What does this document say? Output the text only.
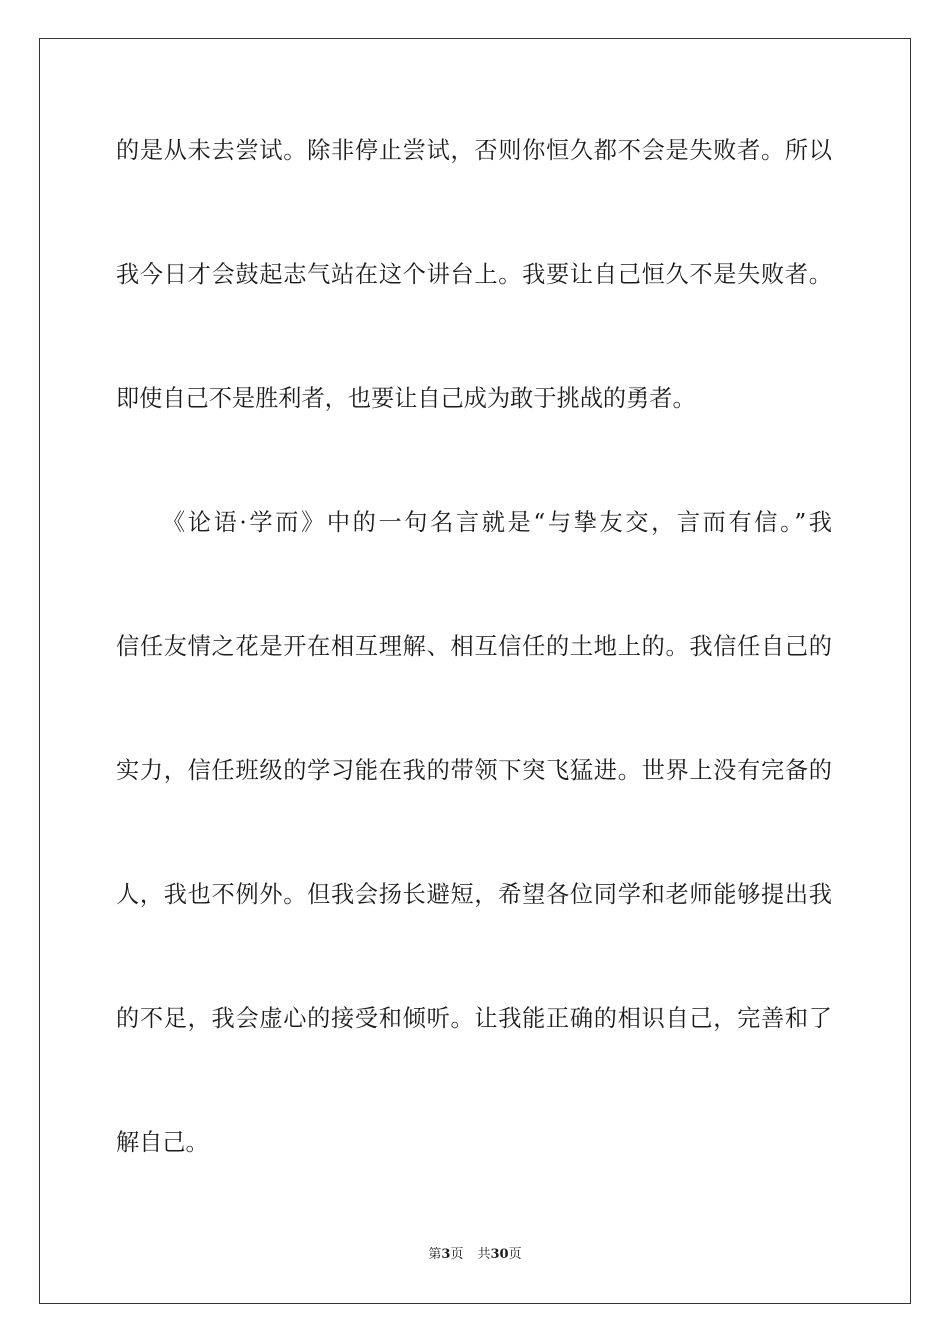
的是从未去尝试。除非停止尝试，否则你恒久都不会是失败者。所以
我今日才会鼓起志气站在这个讲台上。我要让自己恒久不是失败者。
即使自己不是胜利者，也要让自己成为敢于挑战的勇者。
《论语·学而》中的一句名言就是“与挚友交，言而有信。”我
信任友情之花是开在相互理解、相互信任的土地上的。我信任自己的
实力，信任班级的学习能在我的带领下突飞猛进。世界上没有完备的
人，我也不例外。但我会扬长避短，希望各位同学和老师能够提出我
的不足，我会虚心的接受和倾听。让我能正确的相识自己，完善和了
解自己。
第3页 共30页
